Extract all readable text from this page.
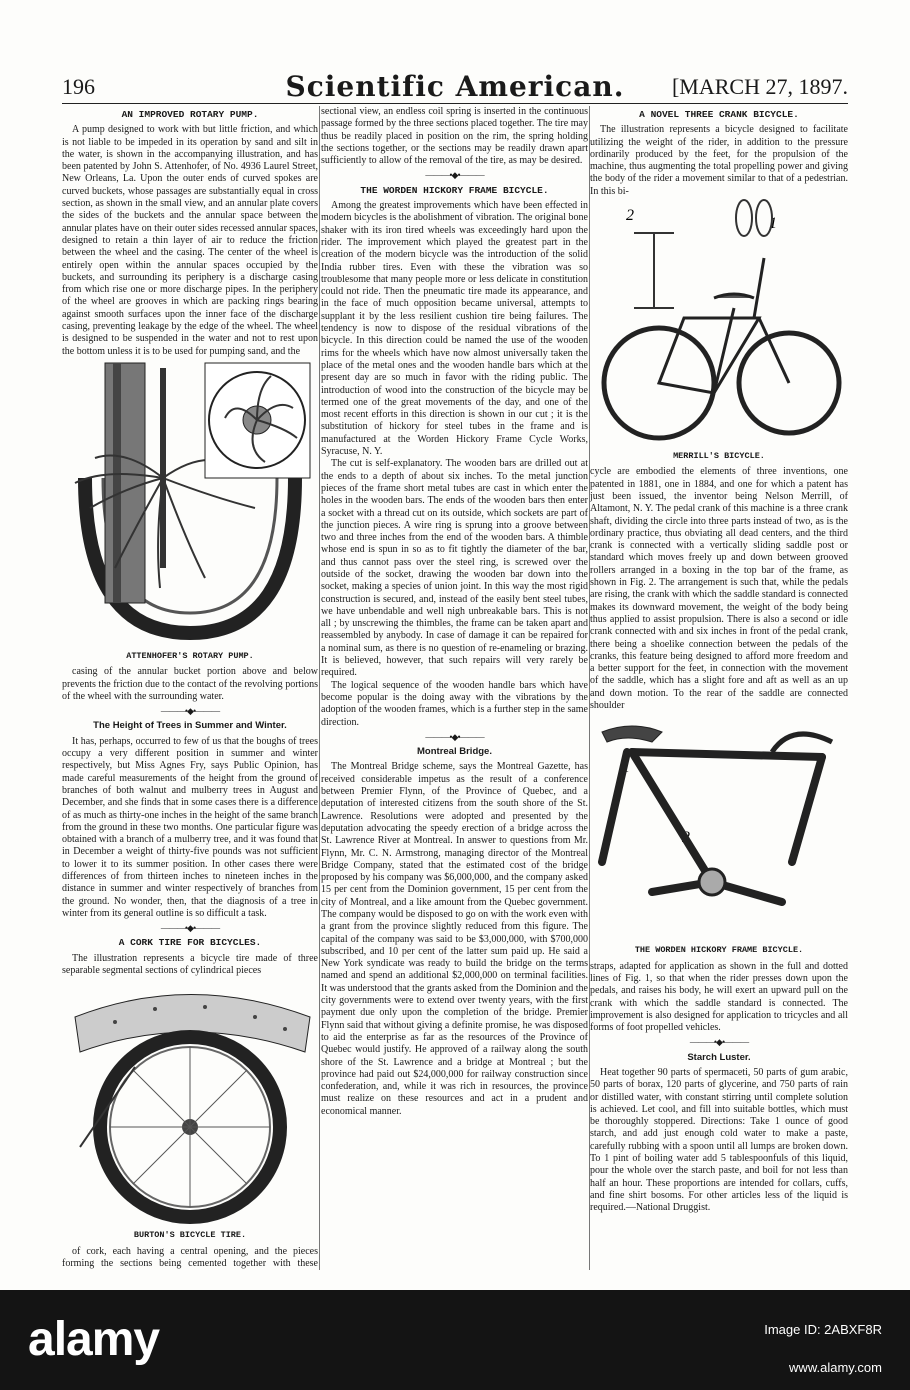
196	Scientific American.	[MARCH 27, 1897.
AN IMPROVED ROTARY PUMP.

A pump designed to work with but little friction, and which is not liable to be impeded in its operation by sand and silt in the water, is shown in the accompanying illustration, and has been patented by John S. Attenhofer, of No. 4936 Laurel Street, New Orleans, La. Upon the outer ends of curved spokes are curved buckets, whose passages are substantially equal in cross section, as shown in the small view, and an annular plate covers the sides of the buckets and the annular space between the annular plates have on their outer sides recessed annular spaces, designed to retain a thin layer of air to reduce the friction between the wheel and the casing. The center of the wheel is entirely open within the annular spaces occupied by the buckets, and surrounding its periphery is a discharge casing from which rise one or more discharge pipes. In the periphery of the wheel are grooves in which are packing rings bearing against smooth surfaces upon the inner face of the discharge casing, preventing leakage by the edge of the wheel. The wheel is designed to be suspended in the water and not to rest upon the bottom unless it is to be used for pumping sand, and the

ATTENHOFER'S ROTARY PUMP.

casing of the annular bucket portion above and below prevents the friction due to the contact of the revolving portions of the wheel with the surrounding water.

———•◆•———
The Height of Trees in Summer and Winter.

It has, perhaps, occurred to few of us that the boughs of trees occupy a very different position in summer and winter respectively, but Miss Agnes Fry, says Public Opinion, has made careful measurements of the height from the ground of branches of both walnut and mulberry trees in August and December, and she finds that in some cases there is a difference of as much as thirty-one inches in the height of the same branch from the ground in these two months. One particular figure was obtained with a branch of a mulberry tree, and it was found that in December a weight of thirty-five pounds was not sufficient to lower it to its summer position. In other cases there were differences of from thirteen inches to nineteen inches in the distance in summer and winter respectively of branches from the ground. No wonder, then, that the diagnosis of a tree in winter from its general outline is so difficult a task.

———•◆•———
A CORK TIRE FOR BICYCLES.

The illustration represents a bicycle tire made of three separable segmental sections of cylindrical pieces

BURTON'S BICYCLE TIRE.

of cork, each having a central opening, and the pieces forming the sections being cemented together with these

sectional view, an endless coil spring is inserted in the continuous passage formed by the three sections placed together. The tire may thus be readily placed in position on the rim, the spring holding the sections together, or the sections may be readily drawn apart sufficiently to allow of the removal of the tire, as may be desired.

———•◆•———
THE WORDEN HICKORY FRAME BICYCLE.

Among the greatest improvements which have been effected in modern bicycles is the abolishment of vibration. The original bone shaker with its iron tired wheels was exceedingly hard upon the rider. The improvement which played the greatest part in the creation of the modern bicycle was the introduction of the solid India rubber tires. Even with these the vibration was so troublesome that many people more or less delicate in constitution could not ride. Then the pneumatic tire made its appearance, and in the face of much opposition became universal, attempts to supplant it by the less resilient cushion tire being failures. The tendency is now to dispose of the residual vibrations of the bicycle. In this direction could be named the use of the wooden rims for the wheels which have now almost universally taken the place of the metal ones and the wooden handle bars which at the present day are so much in favor with the riding public. The introduction of wood into the construction of the bicycle may be termed one of the great movements of the day, and one of the most recent efforts in this direction is shown in our cut ; it is the substitution of hickory for steel tubes in the frame and is manufactured at the Worden Hickory Frame Cycle Works, Syracuse, N. Y.

The cut is self-explanatory. The wooden bars are drilled out at the ends to a depth of about six inches. To the metal junction pieces of the frame short metal tubes are cast in which enter the holes in the wooden bars. The ends of the wooden bars then enter a socket with a thread cut on its outside, which sockets are part of the junction pieces. A wire ring is sprung into a groove between two and three inches from the end of the wooden bars. A thimble whose end is spun in so as to fit tightly the diameter of the bar, and thus cannot pass over the steel ring, is screwed over the outside of the socket, drawing the wooden bar down into the socket, making a species of union joint. In this way the most rigid construction is secured, and, instead of the easily bent steel tubes, we have unbendable and well nigh unbreakable bars. This is not all ; by unscrewing the thimbles, the frame can be taken apart and reassembled by anybody. In case of damage it can be repaired for a nominal sum, as there is no question of re-enameling or brazing. It is believed, however, that such repairs will very rarely be required.

The logical sequence of the wooden handle bars which have become popular is the doing away with the vibrations by the adoption of the wooden frames, which is a further step in the same direction.

———•◆•———
Montreal Bridge.

The Montreal Bridge scheme, says the Montreal Gazette, has received considerable impetus as the result of a conference between Premier Flynn, of the Province of Quebec, and a deputation of interested citizens from the south shore of the St. Lawrence. Resolutions were adopted and presented by the deputation advocating the speedy erection of a bridge across the St. Lawrence River at Montreal. In answer to questions from Mr. Flynn, Mr. C. N. Armstrong, managing director of the Montreal Bridge Company, stated that the estimated cost of the bridge proposed by his company was $6,000,000, and the company asked 15 per cent from the Dominion government, 15 per cent from the city of Montreal, and a like amount from the Quebec government. The company would be disposed to go on with the work even with a grant from the province slightly reduced from this figure. The capital of the company was said to be $3,000,000, with $700,000 subscribed, and 10 per cent of the latter sum paid up. He said a New York syndicate was ready to build the bridge on the terms named and spend an additional $2,000,000 on terminal facilities. It was understood that the grants asked from the Dominion and the city governments were to extend over twenty years, with the first payment due only upon the completion of the bridge. Premier Flynn said that without giving a definite promise, he was disposed to aid the enterprise as far as the resources of the Province of Quebec would justify. He approved of a railway along the south shore of the St. Lawrence and a bridge at Montreal ; but the province had paid out $24,000,000 for railway construction since confederation, and, while it was rich in resources, the province must realize on these resources and act in a prudent and economical manner.

A NOVEL THREE CRANK BICYCLE.

The illustration represents a bicycle designed to facilitate utilizing the weight of the rider, in addition to the pressure ordinarily produced by the feet, for the propulsion of the machine, thus augmenting the total propelling power and giving the body of the rider a movement similar to that of a pedestrian. In this bi-

2	1
MERRILL'S BICYCLE.

cycle are embodied the elements of three inventions, one patented in 1881, one in 1884, and one for which a patent has just been issued, the inventor being Nelson Merrill, of Altamont, N. Y. The pedal crank of this machine is a three crank shaft, dividing the circle into three parts instead of two, as is the ordinary practice, thus obviating all dead centers, and the third crank is connected with a vertically sliding saddle post or standard which moves freely up and down between grooved rollers arranged in a boxing in the top bar of the frame, as shown in Fig. 2. The arrangement is such that, while the pedals are rising, the crank with which the saddle standard is connected makes its downward movement, the weight of the body being thus applied to assist propulsion. There is also a second or idle crank connected with and six inches in front of the pedal crank, there being a shoelike connection between the pedals of the cranks, this feature being designed to afford more freedom and a better support for the feet, in connection with the movement of the saddle, which has a slight fore and aft as well as an up and down motion. To the rear of the saddle are connected shoulder

1
2
THE WORDEN HICKORY FRAME BICYCLE.

straps, adapted for application as shown in the full and dotted lines of Fig. 1, so that when the rider presses down upon the pedals, and raises his body, he will exert an upward pull on the crank with which the saddle standard is connected. The improvement is also designed for application to tricycles and all forms of foot propelled vehicles.

———•◆•———
Starch Luster.

Heat together 90 parts of spermaceti, 50 parts of gum arabic, 50 parts of borax, 120 parts of glycerine, and 750 parts of rain or distilled water, with constant stirring until complete solution is achieved. Let cool, and fill into suitable bottles, which must be thoroughly stoppered. Directions: Take 1 ounce of good starch, and add just enough cold water to make a paste, carefully rubbing with a spoon until all lumps are broken down. To 1 pint of boiling water add 5 tablespoonfuls of this liquid, pour the whole over the starch paste, and boil for not less than half an hour. These proportions are intended for collars, cuffs, and fine shirt bosoms. For other articles less of the liquid is required.—National Druggist.

alamy	Image ID: 2ABXF8R
www.alamy.com
